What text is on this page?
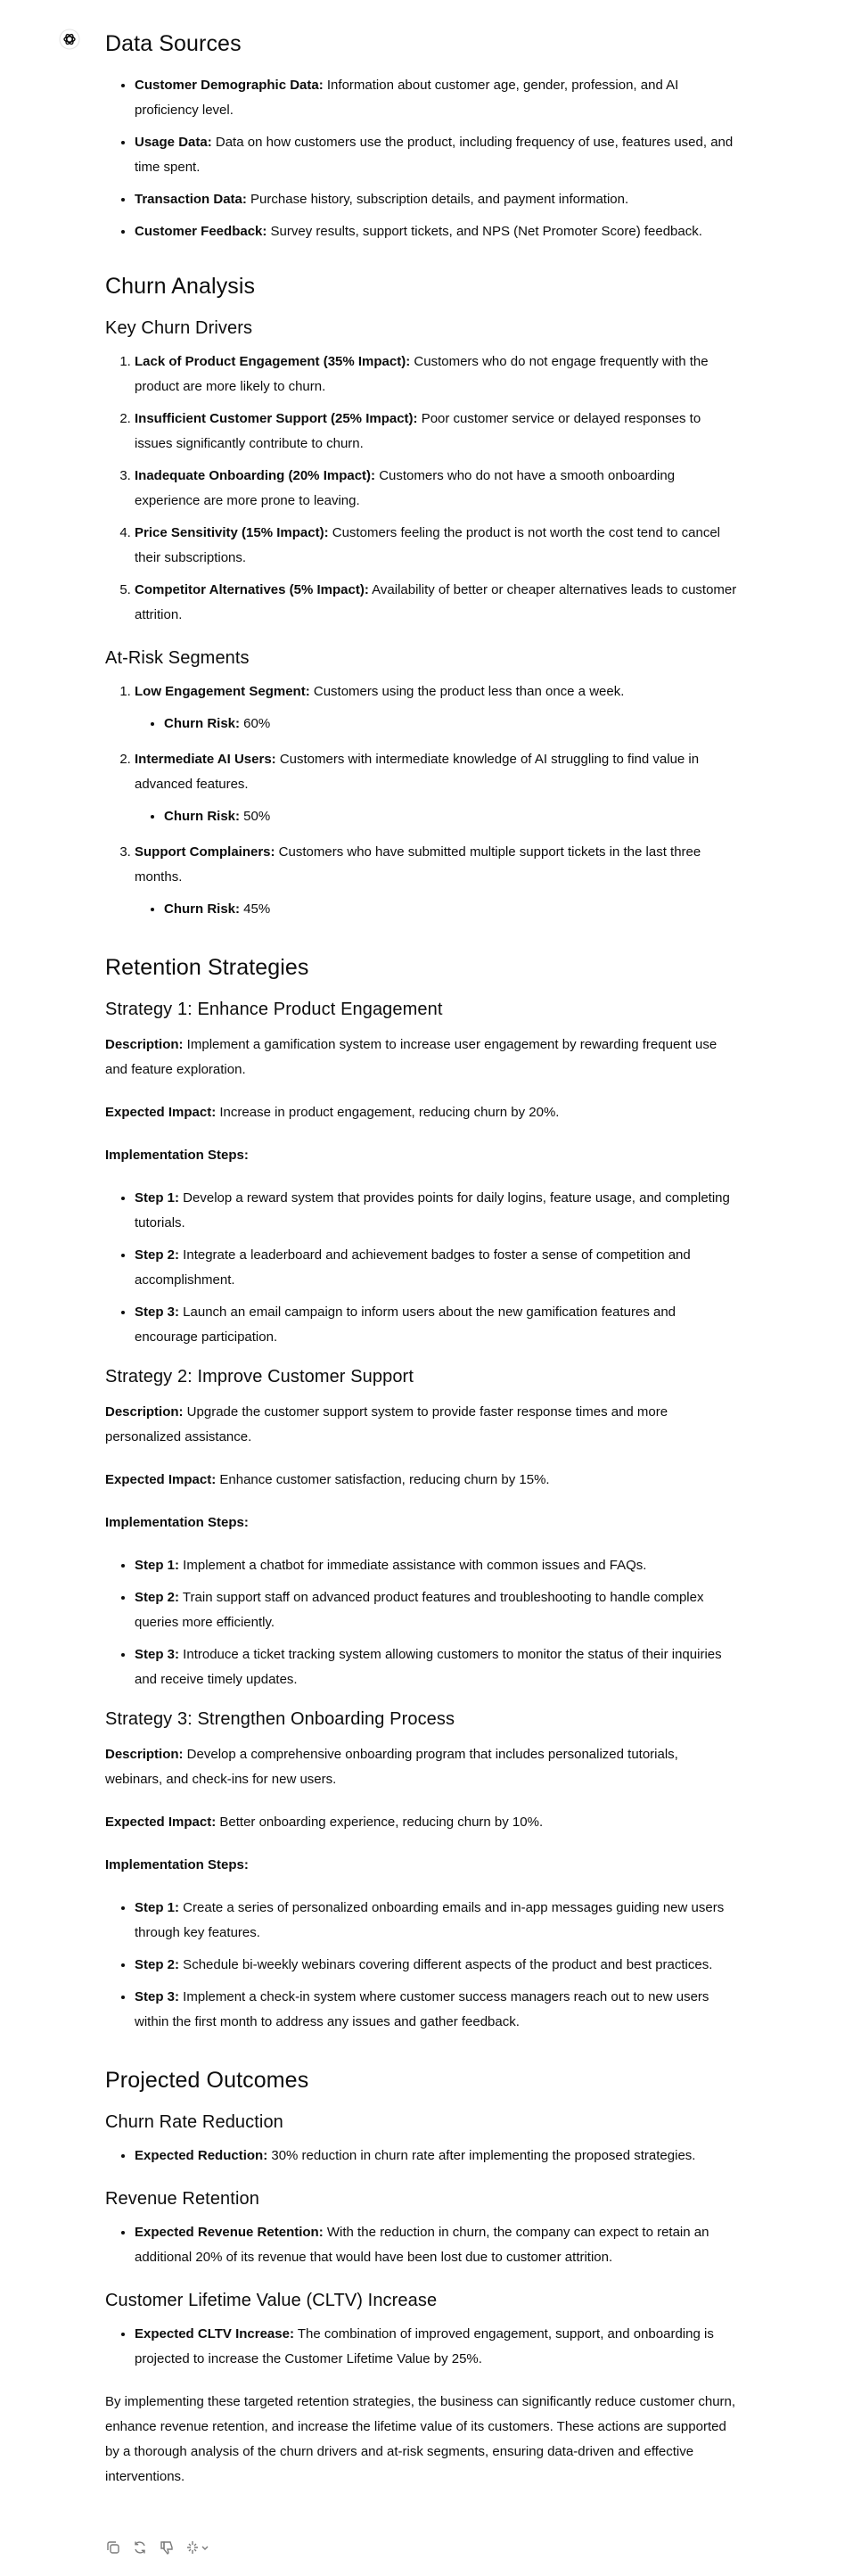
Data Sources
• Customer Demographic Data: Information about customer age, gender, profession, and AI proficiency level.
• Usage Data: Data on how customers use the product, including frequency of use, features used, and time spent.
• Transaction Data: Purchase history, subscription details, and payment information.
• Customer Feedback: Survey results, support tickets, and NPS (Net Promoter Score) feedback.
Churn Analysis
Key Churn Drivers
1. Lack of Product Engagement (35% Impact): Customers who do not engage frequently with the product are more likely to churn.
2. Insufficient Customer Support (25% Impact): Poor customer service or delayed responses to issues significantly contribute to churn.
3. Inadequate Onboarding (20% Impact): Customers who do not have a smooth onboarding experience are more prone to leaving.
4. Price Sensitivity (15% Impact): Customers feeling the product is not worth the cost tend to cancel their subscriptions.
5. Competitor Alternatives (5% Impact): Availability of better or cheaper alternatives leads to customer attrition.
At-Risk Segments
1. Low Engagement Segment: Customers using the product less than once a week.
• Churn Risk: 60%
2. Intermediate AI Users: Customers with intermediate knowledge of AI struggling to find value in advanced features.
• Churn Risk: 50%
3. Support Complainers: Customers who have submitted multiple support tickets in the last three months.
• Churn Risk: 45%
Retention Strategies
Strategy 1: Enhance Product Engagement

Description: Implement a gamification system to increase user engagement by rewarding frequent use and feature exploration.

Expected Impact: Increase in product engagement, reducing churn by 20%.

Implementation Steps:

• Step 1: Develop a reward system that provides points for daily logins, feature usage, and completing tutorials.
• Step 2: Integrate a leaderboard and achievement badges to foster a sense of competition and accomplishment.
• Step 3: Launch an email campaign to inform users about the new gamification features and encourage participation.
Strategy 2: Improve Customer Support

Description: Upgrade the customer support system to provide faster response times and more personalized assistance.

Expected Impact: Enhance customer satisfaction, reducing churn by 15%.

Implementation Steps:

• Step 1: Implement a chatbot for immediate assistance with common issues and FAQs.
• Step 2: Train support staff on advanced product features and troubleshooting to handle complex queries more efficiently.
• Step 3: Introduce a ticket tracking system allowing customers to monitor the status of their inquiries and receive timely updates.
Strategy 3: Strengthen Onboarding Process

Description: Develop a comprehensive onboarding program that includes personalized tutorials, webinars, and check-ins for new users.

Expected Impact: Better onboarding experience, reducing churn by 10%.

Implementation Steps:

• Step 1: Create a series of personalized onboarding emails and in-app messages guiding new users through key features.
• Step 2: Schedule bi-weekly webinars covering different aspects of the product and best practices.
• Step 3: Implement a check-in system where customer success managers reach out to new users within the first month to address any issues and gather feedback.
Projected Outcomes
Churn Rate Reduction
• Expected Reduction: 30% reduction in churn rate after implementing the proposed strategies.
Revenue Retention
• Expected Revenue Retention: With the reduction in churn, the company can expect to retain an additional 20% of its revenue that would have been lost due to customer attrition.
Customer Lifetime Value (CLTV) Increase
• Expected CLTV Increase: The combination of improved engagement, support, and onboarding is projected to increase the Customer Lifetime Value by 25%.

By implementing these targeted retention strategies, the business can significantly reduce customer churn, enhance revenue retention, and increase the lifetime value of its customers. These actions are supported by a thorough analysis of the churn drivers and at-risk segments, ensuring data-driven and effective interventions.
